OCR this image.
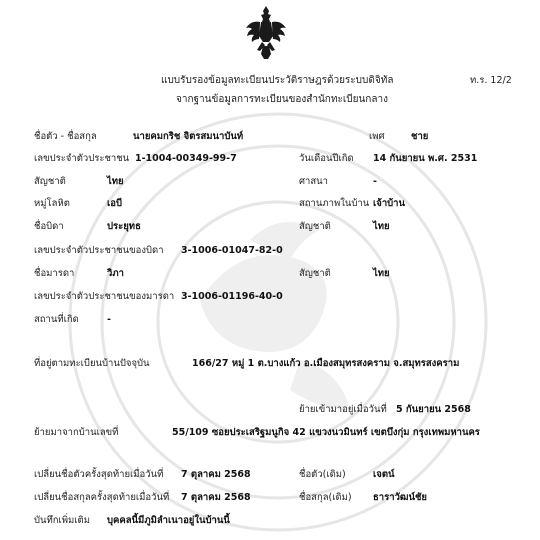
แบบรับรองข้อมูลทะเบียนประวัติราษฎรด้วยระบบดิจิทัล
จากฐานข้อมูลการทะเบียนของสำนักทะเบียนกลาง
ท.ร. 12/2
ชื่อตัว - ชื่อสกุล	นายคมกริช จิตรสมนาบันท์	เพศ	ชาย
เลขประจำตัวประชาชน 1-1004-00349-99-7	วันเดือนปีเกิด 14 กันยายน พ.ศ. 2531
สัญชาติ	ไทย	ศาสนา	-
หมู่โลหิต	เอบี	สถานภาพในบ้าน เจ้าบ้าน
ชื่อบิดา	ประยุทธ	สัญชาติ	ไทย
เลขประจำตัวประชาชนของบิดา 3-1006-01047-82-0
ชื่อมารดา	วิภา	สัญชาติ	ไทย
เลขประจำตัวประชาชนของมารดา 3-1006-01196-40-0
สถานที่เกิด	-
ที่อยู่ตามทะเบียนบ้านปัจจุบัน	166/27 หมู่ 1 ต.บางแก้ว อ.เมืองสมุทรสงคราม จ.สมุทรสงคราม
ย้ายเข้ามาอยู่เมื่อวันที่ 5 กันยายน 2568
ย้ายมาจากบ้านเลขที่	55/109 ซอยประเสริฐมนูกิจ 42 แขวงนวมินทร์ เขตบึงกุ่ม กรุงเทพมหานคร
เปลี่ยนชื่อตัวครั้งสุดท้ายเมื่อวันที่ 7 ตุลาคม 2568	ชื่อตัว(เดิม)	เจตน์
เปลี่ยนชื่อสกุลครั้งสุดท้ายเมื่อวันที่ 7 ตุลาคม 2568	ชื่อสกุล(เดิม) ธาราวัฒน์ชัย
บันทึกเพิ่มเติม บุคคลนี้มีภูมิลำเนาอยู่ในบ้านนี้
